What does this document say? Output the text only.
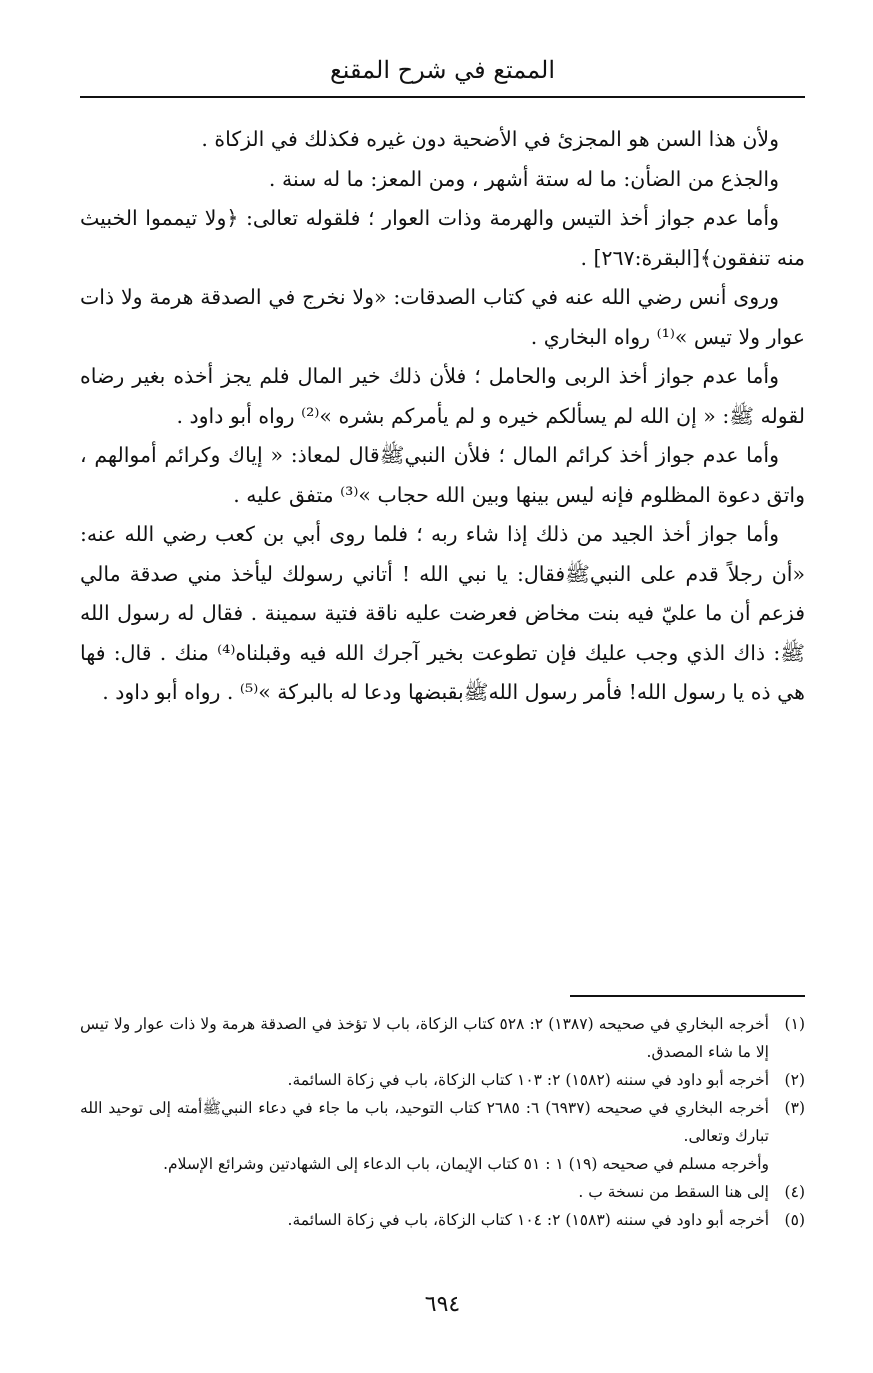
الممتع في شرح المقنع

ولأن هذا السن هو المجزئ في الأضحية دون غيره فكذلك في الزكاة .

والجذع من الضأن: ما له ستة أشهر ، ومن المعز: ما له سنة .

وأما عدم جواز أخذ التيس والهرمة وذات العوار ؛ فلقوله تعالى: ﴿ولا تيمموا الخبيث منه تنفقون﴾[البقرة:٢٦٧] .

وروى أنس رضي الله عنه في كتاب الصدقات: «ولا نخرج في الصدقة هرمة ولا ذات عوار ولا تيس »⁽¹⁾ رواه البخاري .

وأما عدم جواز أخذ الربى والحامل ؛ فلأن ذلك خير المال فلم يجز أخذه بغير رضاه لقوله ﷺ: « إن الله لم يسألكم خيره و لم يأمركم بشره »⁽²⁾ رواه أبو داود .

وأما عدم جواز أخذ كرائم المال ؛ فلأن النبيﷺقال لمعاذ: « إياك وكرائم أموالهم ، واتق دعوة المظلوم فإنه ليس بينها وبين الله حجاب »⁽³⁾ متفق عليه .

وأما جواز أخذ الجيد من ذلك إذا شاء ربه ؛ فلما روى أبي بن كعب رضي الله عنه: «أن رجلاً قدم على النبيﷺفقال: يا نبي الله ! أتاني رسولك ليأخذ مني صدقة مالي فزعم أن ما عليّ فيه بنت مخاض فعرضت عليه ناقة فتية سمينة . فقال له رسول الله ﷺ: ذاك الذي وجب عليك فإن تطوعت بخير آجرك الله فيه وقبلناه⁽⁴⁾ منك . قال: فها هي ذه يا رسول الله! فأمر رسول اللهﷺبقبضها ودعا له بالبركة »⁽⁵⁾ . رواه أبو داود .

(١)
أخرجه البخاري في صحيحه (١٣٨٧) ٢: ٥٢٨ كتاب الزكاة، باب لا تؤخذ في الصدقة هرمة ولا ذات عوار ولا تيس إلا ما شاء المصدق.
(٢)
أخرجه أبو داود في سننه (١٥٨٢) ٢: ١٠٣ كتاب الزكاة، باب في زكاة السائمة.
(٣)
أخرجه البخاري في صحيحه (٦٩٣٧) ٦: ٢٦٨٥ كتاب التوحيد، باب ما جاء في دعاء النبيﷺأمته إلى توحيد الله تبارك وتعالى.
وأخرجه مسلم في صحيحه (١٩) ١ : ٥١ كتاب الإيمان، باب الدعاء إلى الشهادتين وشرائع الإسلام.
(٤)
إلى هنا السقط من نسخة ب .
(٥)
أخرجه أبو داود في سننه (١٥٨٣) ٢: ١٠٤ كتاب الزكاة، باب في زكاة السائمة.
٦٩٤
